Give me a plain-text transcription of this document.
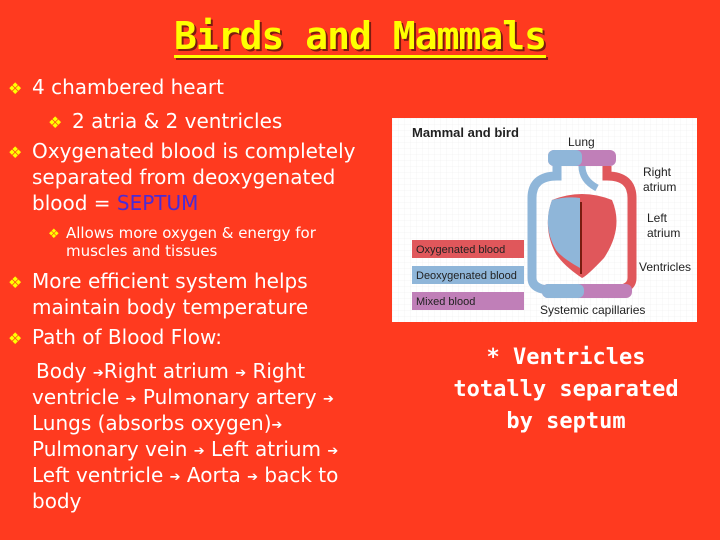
Birds and Mammals
❖ 4 chambered heart
❖ 2 atria & 2 ventricles
❖ Oxygenated blood is completely
separated from deoxygenated
blood = SEPTUM
❖ Allows more oxygen & energy for
muscles and tissues
❖ More efficient system helps
maintain body temperature
❖ Path of Blood Flow:
Body ➔Right atrium ➔ Right
ventricle ➔ Pulmonary artery ➔
Lungs (absorbs oxygen)➔
Pulmonary vein ➔ Left atrium ➔
Left ventricle ➔ Aorta ➔ back to
body
Mammal and bird
Lung
Right
atrium
Left
atrium
Ventricles
Systemic capillaries
Oxygenated blood
Deoxygenated blood
Mixed blood
* Ventricles
totally separated
by septum
